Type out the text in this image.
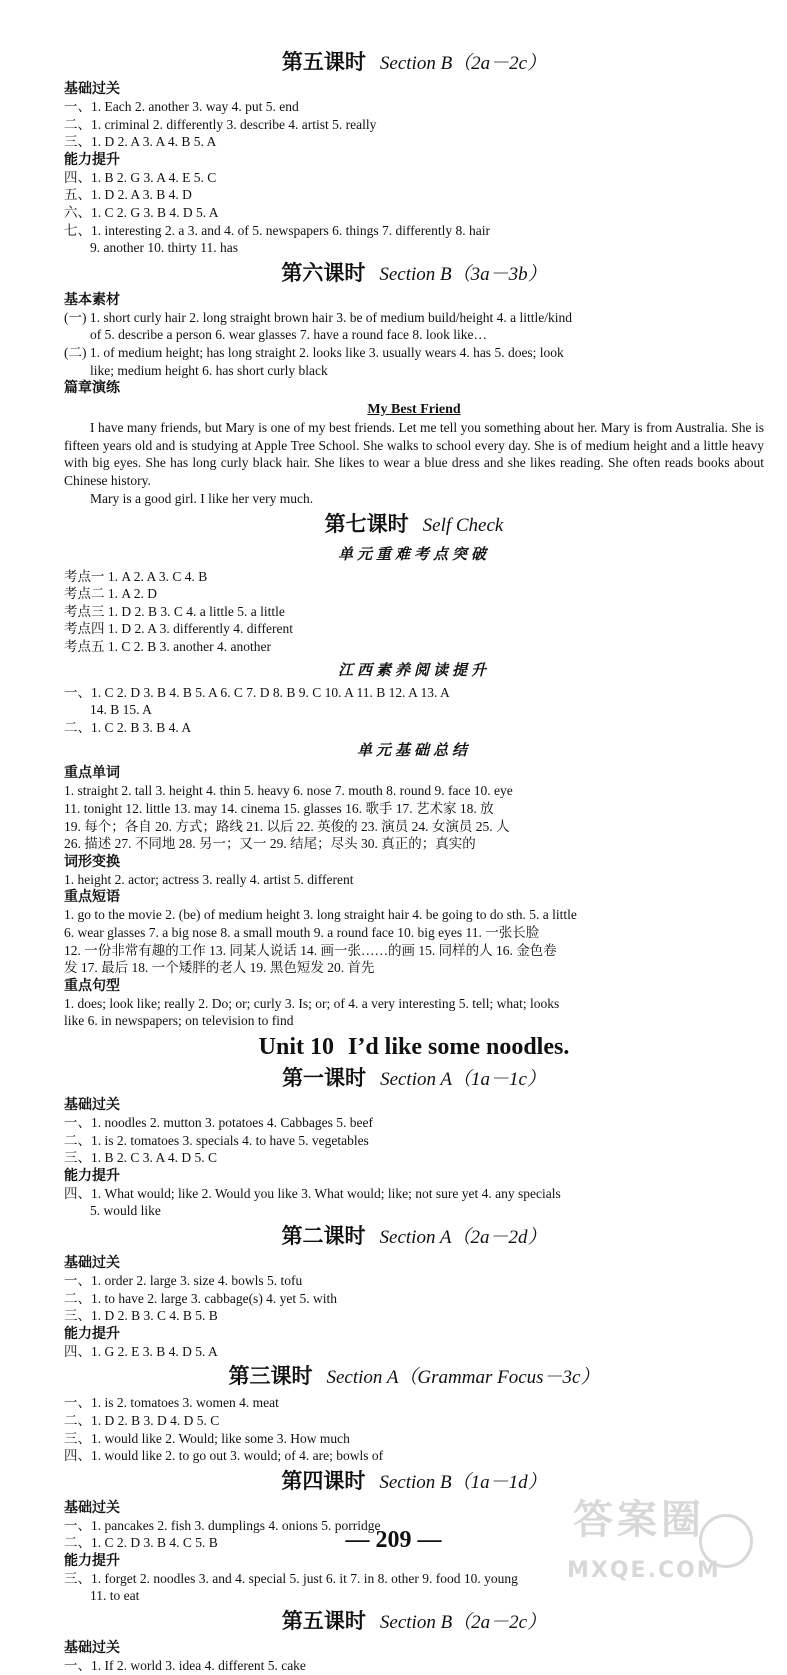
第五课时 Section B（2a－2c）
基础过关
一、1. Each 2. another 3. way 4. put 5. end
二、1. criminal 2. differently 3. describe 4. artist 5. really
三、1. D 2. A 3. A 4. B 5. A
能力提升
四、1. B 2. G 3. A 4. E 5. C
五、1. D 2. A 3. B 4. D
六、1. C 2. G 3. B 4. D 5. A
七、1. interesting 2. a 3. and 4. of 5. newspapers 6. things 7. differently 8. hair
9. another 10. thirty 11. has
第六课时 Section B（3a－3b）
基本素材
(一) 1. short curly hair 2. long straight brown hair 3. be of medium build/height 4. a little/kind
of 5. describe a person 6. wear glasses 7. have a round face 8. look like…
(二) 1. of medium height; has long straight 2. looks like 3. usually wears 4. has 5. does; look
like; medium height 6. has short curly black
篇章演练
My Best Friend

I have many friends, but Mary is one of my best friends. Let me tell you something about her. Mary is from Australia. She is fifteen years old and is studying at Apple Tree School. She walks to school every day. She is of medium height and a little heavy with big eyes. She has long curly black hair. She likes to wear a blue dress and she likes reading. She often reads books about Chinese history.

Mary is a good girl. I like her very much.

第七课时 Self Check
单元重难考点突破
考点一 1. A 2. A 3. C 4. B
考点二 1. A 2. D
考点三 1. D 2. B 3. C 4. a little 5. a little
考点四 1. D 2. A 3. differently 4. different
考点五 1. C 2. B 3. another 4. another
江西素养阅读提升
一、1. C 2. D 3. B 4. B 5. A 6. C 7. D 8. B 9. C 10. A 11. B 12. A 13. A
14. B 15. A
二、1. C 2. B 3. B 4. A
单元基础总结
重点单词
1. straight 2. tall 3. height 4. thin 5. heavy 6. nose 7. mouth 8. round 9. face 10. eye
11. tonight 12. little 13. may 14. cinema 15. glasses 16. 歌手 17. 艺术家 18. 放
19. 每个；各自 20. 方式；路线 21. 以后 22. 英俊的 23. 演员 24. 女演员 25. 人
26. 描述 27. 不同地 28. 另一；又一 29. 结尾；尽头 30. 真正的；真实的
词形变换
1. height 2. actor; actress 3. really 4. artist 5. different
重点短语
1. go to the movie 2. (be) of medium height 3. long straight hair 4. be going to do sth. 5. a little
6. wear glasses 7. a big nose 8. a small mouth 9. a round face 10. big eyes 11. 一张长脸
12. 一份非常有趣的工作 13. 同某人说话 14. 画一张……的画 15. 同样的人 16. 金色卷
发 17. 最后 18. 一个矮胖的老人 19. 黑色短发 20. 首先
重点句型
1. does; look like; really 2. Do; or; curly 3. Is; or; of 4. a very interesting 5. tell; what; looks
like 6. in newspapers; on television to find
Unit 10 I’d like some noodles.
第一课时 Section A（1a－1c）
基础过关
一、1. noodles 2. mutton 3. potatoes 4. Cabbages 5. beef
二、1. is 2. tomatoes 3. specials 4. to have 5. vegetables
三、1. B 2. C 3. A 4. D 5. C
能力提升
四、1. What would; like 2. Would you like 3. What would; like; not sure yet 4. any specials
5. would like
第二课时 Section A（2a－2d）
基础过关
一、1. order 2. large 3. size 4. bowls 5. tofu
二、1. to have 2. large 3. cabbage(s) 4. yet 5. with
三、1. D 2. B 3. C 4. B 5. B
能力提升
四、1. G 2. E 3. B 4. D 5. A
第三课时 Section A（Grammar Focus－3c）
一、1. is 2. tomatoes 3. women 4. meat
二、1. D 2. B 3. D 4. D 5. C
三、1. would like 2. Would; like some 3. How much
四、1. would like 2. to go out 3. would; of 4. are; bowls of
第四课时 Section B（1a－1d）
基础过关
一、1. pancakes 2. fish 3. dumplings 4. onions 5. porridge
二、1. C 2. D 3. B 4. C 5. B
能力提升
三、1. forget 2. noodles 3. and 4. special 5. just 6. it 7. in 8. other 9. food 10. young
11. to eat
第五课时 Section B（2a－2c）
基础过关
一、1. If 2. world 3. idea 4. different 5. cake
— 209 —	答案圈
MXQE.COM
